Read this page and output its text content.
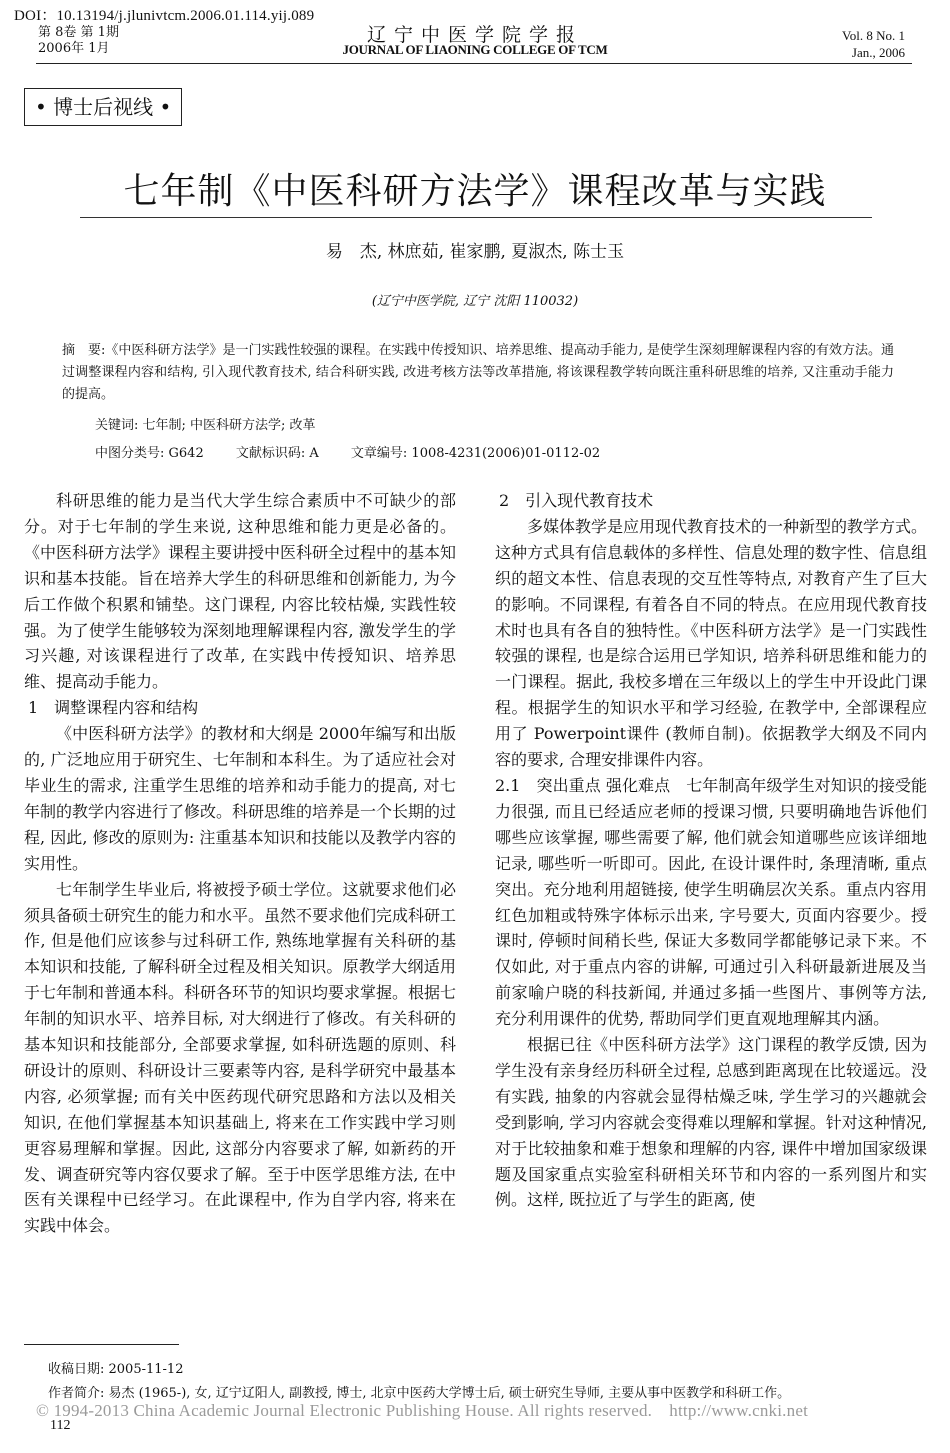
DOI：10.13194/j.jlunivtcm.2006.01.114.yij.089
第 8卷 第 1期
2006年 1月
辽宁中医学院学报
JOURNAL OF LIAONING COLLEGE OF TCM
Vol. 8 No. 1
Jan., 2006
• 博士后视线 •
七年制《中医科研方法学》课程改革与实践
易　杰, 林庶茹, 崔家鹏, 夏淑杰, 陈士玉
(辽宁中医学院, 辽宁 沈阳 110032)
摘　要:《中医科研方法学》是一门实践性较强的课程。在实践中传授知识、培养思维、提高动手能力, 是使学生深刻理解课程内容的有效方法。通过调整课程内容和结构, 引入现代教育技术, 结合科研实践, 改进考核方法等改革措施, 将该课程教学转向既注重科研思维的培养, 又注重动手能力的提高。
关键词: 七年制; 中医科研方法学; 改革
中图分类号: G642 文献标识码: A 文章编号: 1008-4231(2006)01-0112-02

科研思维的能力是当代大学生综合素质中不可缺少的部分。对于七年制的学生来说, 这种思维和能力更是必备的。《中医科研方法学》课程主要讲授中医科研全过程中的基本知识和基本技能。旨在培养大学生的科研思维和创新能力, 为今后工作做个积累和铺垫。这门课程, 内容比较枯燥, 实践性较强。为了使学生能够较为深刻地理解课程内容, 激发学生的学习兴趣, 对该课程进行了改革, 在实践中传授知识、培养思维、提高动手能力。

1　调整课程内容和结构

《中医科研方法学》的教材和大纲是 2000年编写和出版的, 广泛地应用于研究生、七年制和本科生。为了适应社会对毕业生的需求, 注重学生思维的培养和动手能力的提高, 对七年制的教学内容进行了修改。科研思维的培养是一个长期的过程, 因此, 修改的原则为: 注重基本知识和技能以及教学内容的实用性。

七年制学生毕业后, 将被授予硕士学位。这就要求他们必须具备硕士研究生的能力和水平。虽然不要求他们完成科研工作, 但是他们应该参与过科研工作, 熟练地掌握有关科研的基本知识和技能, 了解科研全过程及相关知识。原教学大纲适用于七年制和普通本科。科研各环节的知识均要求掌握。根据七年制的知识水平、培养目标, 对大纲进行了修改。有关科研的基本知识和技能部分, 全部要求掌握, 如科研选题的原则、科研设计的原则、科研设计三要素等内容, 是科学研究中最基本内容, 必须掌握; 而有关中医药现代研究思路和方法以及相关知识, 在他们掌握基本知识基础上, 将来在工作实践中学习则更容易理解和掌握。因此, 这部分内容要求了解, 如新药的开发、调查研究等内容仅要求了解。至于中医学思维方法, 在中医有关课程中已经学习。在此课程中, 作为自学内容, 将来在实践中体会。

2　引入现代教育技术

多媒体教学是应用现代教育技术的一种新型的教学方式。这种方式具有信息载体的多样性、信息处理的数字性、信息组织的超文本性、信息表现的交互性等特点, 对教育产生了巨大的影响。不同课程, 有着各自不同的特点。在应用现代教育技术时也具有各自的独特性。《中医科研方法学》是一门实践性较强的课程, 也是综合运用已学知识, 培养科研思维和能力的一门课程。据此, 我校多增在三年级以上的学生中开设此门课程。根据学生的知识水平和学习经验, 在教学中, 全部课程应用了 Powerpoint课件 (教师自制)。依据教学大纲及不同内容的要求, 合理安排课件内容。

2.1　突出重点 强化难点　 七年制高年级学生对知识的接受能力很强, 而且已经适应老师的授课习惯, 只要明确地告诉他们哪些应该掌握, 哪些需要了解, 他们就会知道哪些应该详细地记录, 哪些听一听即可。因此, 在设计课件时, 条理清晰, 重点突出。充分地利用超链接, 使学生明确层次关系。重点内容用红色加粗或特殊字体标示出来, 字号要大, 页面内容要少。授课时, 停顿时间稍长些, 保证大多数同学都能够记录下来。不仅如此, 对于重点内容的讲解, 可通过引入科研最新进展及当前家喻户晓的科技新闻, 并通过多插一些图片、事例等方法, 充分利用课件的优势, 帮助同学们更直观地理解其内涵。

根据已往《中医科研方法学》这门课程的教学反馈, 因为学生没有亲身经历科研全过程, 总感到距离现在比较遥远。没有实践, 抽象的内容就会显得枯燥乏味, 学生学习的兴趣就会受到影响, 学习内容就会变得难以理解和掌握。针对这种情况, 对于比较抽象和难于想象和理解的内容, 课件中增加国家级课题及国家重点实验室科研相关环节和内容的一系列图片和实例。这样, 既拉近了与学生的距离, 使

收稿日期: 2005-11-12
作者简介: 易杰 (1965-), 女, 辽宁辽阳人, 副教授, 博士, 北京中医药大学博士后, 硕士研究生导师, 主要从事中医教学和科研工作。
© 1994-2013 China Academic Journal Electronic Publishing House. All rights reserved.　http://www.cnki.net
112
